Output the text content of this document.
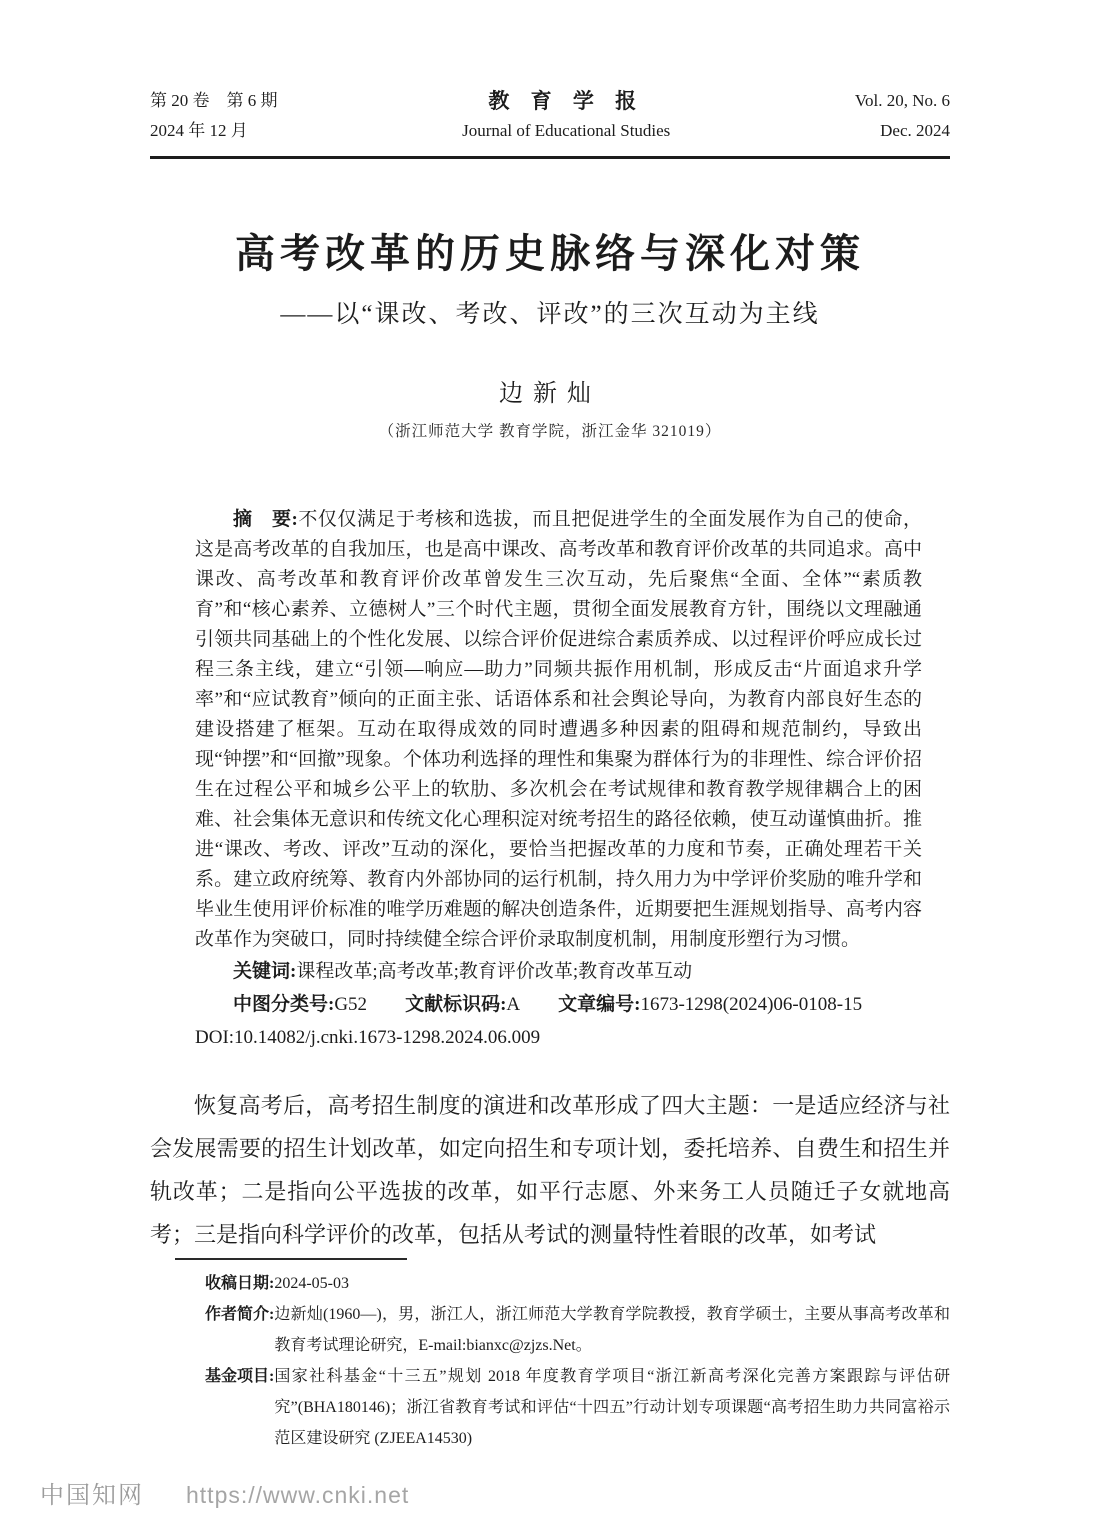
第 20 卷　第 6 期
2024 年 12 月
教 育 学 报
Journal of Educational Studies
Vol. 20, No. 6
Dec. 2024
高考改革的历史脉络与深化对策
——以“课改、考改、评改”的三次互动为主线
边新灿
（浙江师范大学 教育学院，浙江金华 321019）
摘　要:不仅仅满足于考核和选拔，而且把促进学生的全面发展作为自己的使命，这是高考改革的自我加压，也是高中课改、高考改革和教育评价改革的共同追求。高中课改、高考改革和教育评价改革曾发生三次互动，先后聚焦“全面、全体”“素质教育”和“核心素养、立德树人”三个时代主题，贯彻全面发展教育方针，围绕以文理融通引领共同基础上的个性化发展、以综合评价促进综合素质养成、以过程评价呼应成长过程三条主线，建立“引领—响应—助力”同频共振作用机制，形成反击“片面追求升学率”和“应试教育”倾向的正面主张、话语体系和社会舆论导向，为教育内部良好生态的建设搭建了框架。互动在取得成效的同时遭遇多种因素的阻碍和规范制约，导致出现“钟摆”和“回撤”现象。个体功利选择的理性和集聚为群体行为的非理性、综合评价招生在过程公平和城乡公平上的软肋、多次机会在考试规律和教育教学规律耦合上的困难、社会集体无意识和传统文化心理积淀对统考招生的路径依赖，使互动谨慎曲折。推进“课改、考改、评改”互动的深化，要恰当把握改革的力度和节奏，正确处理若干关系。建立政府统筹、教育内外部协同的运行机制，持久用力为中学评价奖励的唯升学和毕业生使用评价标准的唯学历难题的解决创造条件，近期要把生涯规划指导、高考内容改革作为突破口，同时持续健全综合评价录取制度机制，用制度形塑行为习惯。
关键词:课程改革;高考改革;教育评价改革;教育改革互动
中图分类号:G52 文献标识码:A 文章编号:1673-1298(2024)06-0108-15
DOI:10.14082/j.cnki.1673-1298.2024.06.009

恢复高考后，高考招生制度的演进和改革形成了四大主题：一是适应经济与社会发展需要的招生计划改革，如定向招生和专项计划，委托培养、自费生和招生并轨改革；二是指向公平选拔的改革，如平行志愿、外来务工人员随迁子女就地高考；三是指向科学评价的改革，包括从考试的测量特性着眼的改革，如考试

收稿日期: 2024-05-03
作者简介: 边新灿(1960—)，男，浙江人，浙江师范大学教育学院教授，教育学硕士，主要从事高考改革和教育考试理论研究，E-mail:bianxc@zjzs.Net。
基金项目: 国家社科基金“十三五”规划 2018 年度教育学项目“浙江新高考深化完善方案跟踪与评估研究”(BHA180146)；浙江省教育考试和评估“十四五”行动计划专项课题“高考招生助力共同富裕示范区建设研究 (ZJEEA14530)
中国知网 https://www.cnki.net
